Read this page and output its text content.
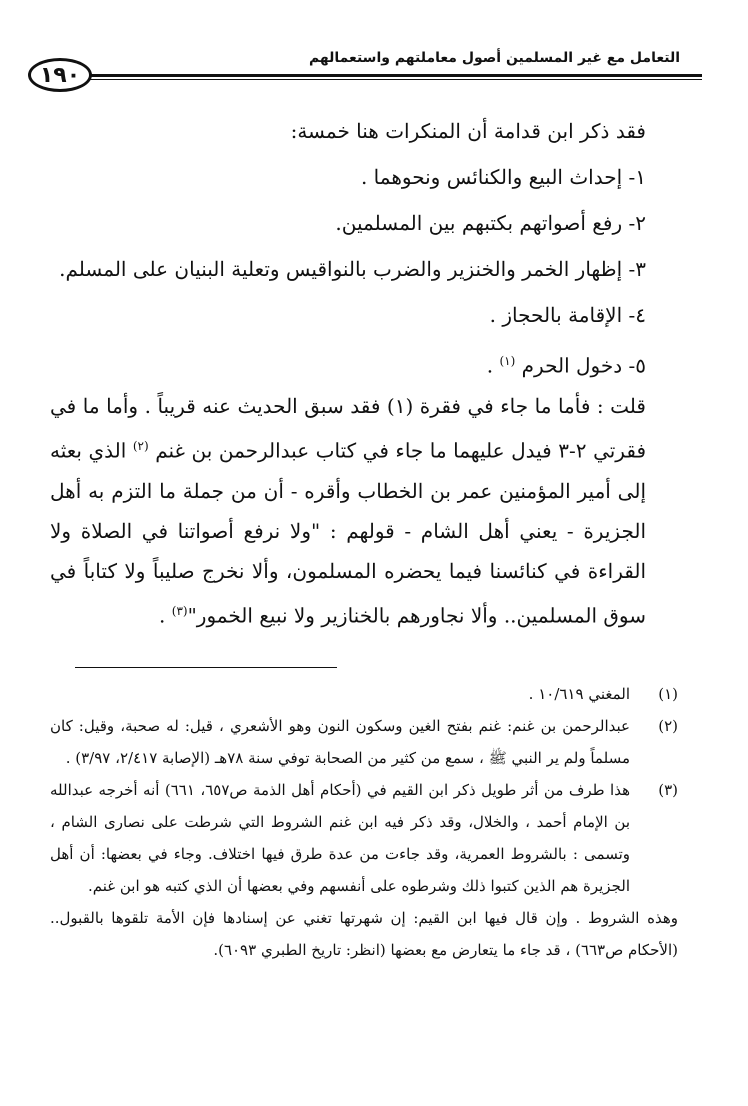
التعامل مع غير المسلمين أصول معاملتهم واستعمالهم
١٩٠

فقد ذكر ابن قدامة أن المنكرات هنا خمسة:

١- إحداث البيع والكنائس ونحوهما .

٢- رفع أصواتهم بكتبهم بين المسلمين.

٣- إظهار الخمر والخنزير والضرب بالنواقيس وتعلية البنيان على المسلم.

٤- الإقامة بالحجاز .

٥- دخول الحرم $^{(١)}$ .

قلت : فأما ما جاء في فقرة (١) فقد سبق الحديث عنه قريباً . وأما ما في فقرتي ٢-٣ فيدل عليهما ما جاء في كتاب عبدالرحمن بن غنم $^{(٢)}$ الذي بعثه إلى أمير المؤمنين عمر بن الخطاب وأقره - أن من جملة ما التزم به أهل الجزيرة - يعني أهل الشام - قولهم : "ولا نرفع أصواتنا في الصلاة ولا القراءة في كنائسنا فيما يحضره المسلمون، وألا نخرج صليباً ولا كتاباً في سوق المسلمين.. وألا نجاورهم بالخنازير ولا نبيع الخمور"$^{(٣)}$ .
(١)
المغني ١٠/٦١٩ .
(٢)
عبدالرحمن بن غنم: غنم بفتح الغين وسكون النون وهو الأشعري ، قيل: له صحبة، وقيل: كان مسلماً ولم ير النبي ﷺ ، سمع من كثير من الصحابة توفي سنة ٧٨هـ (الإصابة ٢/٤١٧، ٣/٩٧) .
(٣)
هذا طرف من أثر طويل ذكر ابن القيم في (أحكام أهل الذمة ص٦٥٧، ٦٦١) أنه أخرجه عبدالله بن الإمام أحمد ، والخلال، وقد ذكر فيه ابن غنم الشروط التي شرطت على نصارى الشام ، وتسمى : بالشروط العمرية، وقد جاءت من عدة طرق فيها اختلاف. وجاء في بعضها: أن أهل الجزيرة هم الذين كتبوا ذلك وشرطوه على أنفسهم وفي بعضها أن الذي كتبه هو ابن غنم.
وهذه الشروط . وإن قال فيها ابن القيم: إن شهرتها تغني عن إسنادها فإن الأمة تلقوها بالقبول.. (الأحكام ص٦٦٣) ، قد جاء ما يتعارض مع بعضها (انظر: تاريخ الطبري ٦٠٩٣).
